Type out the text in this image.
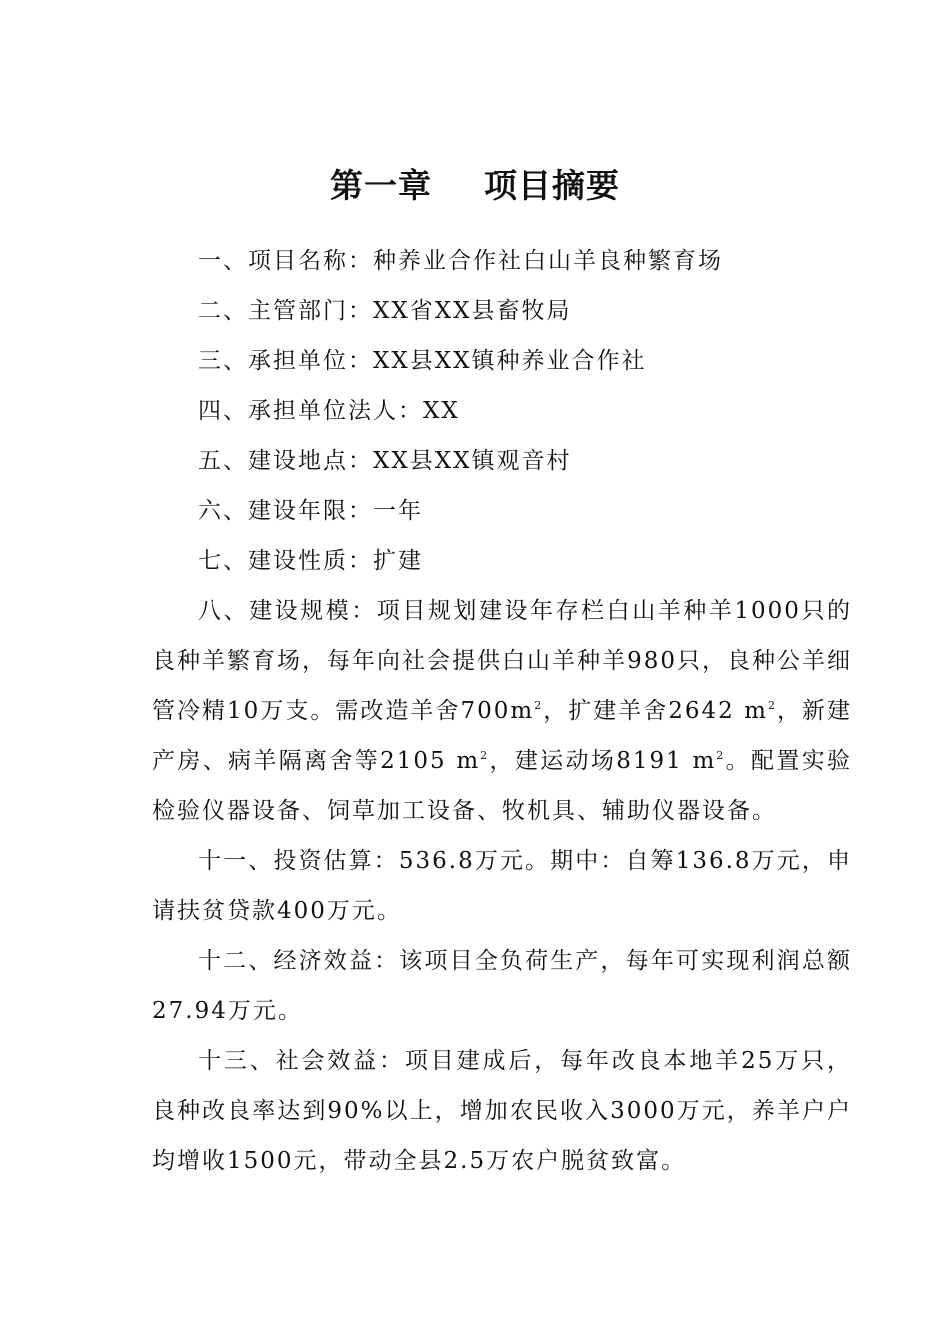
第一章 项目摘要

一、项目名称：种养业合作社白山羊良种繁育场

二、主管部门：XX省XX县畜牧局

三、承担单位：XX县XX镇种养业合作社

四、承担单位法人：XX

五、建设地点：XX县XX镇观音村

六、建设年限：一年

七、建设性质：扩建

八、建设规模：项目规划建设年存栏白山羊种羊1000只的良种羊繁育场，每年向社会提供白山羊种羊980只，良种公羊细管冷精10万支。需改造羊舍$700m^2$，扩建羊舍2642 $m^2$，新建产房、病羊隔离舍等2105 $m^2$，建运动场8191 $m^2$。配置实验检验仪器设备、饲草加工设备、牧机具、辅助仪器设备。

十一、投资估算：536.8万元。期中：自筹136.8万元，申请扶贫贷款400万元。

十二、经济效益：该项目全负荷生产，每年可实现利润总额27.94万元。

十三、社会效益：项目建成后，每年改良本地羊25万只，良种改良率达到90%以上，增加农民收入3000万元，养羊户户均增收1500元，带动全县2.5万农户脱贫致富。
